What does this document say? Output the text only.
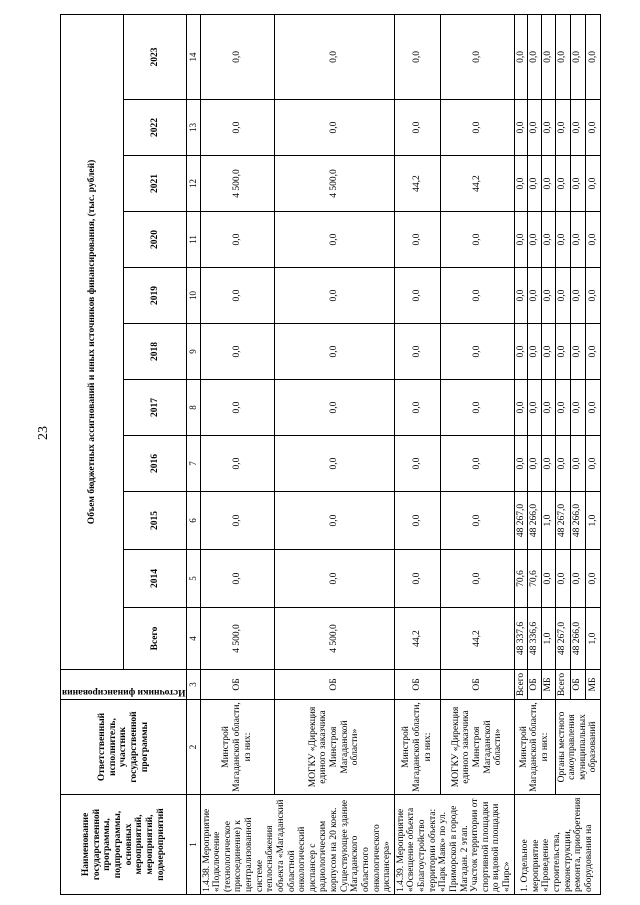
23
Наименование государственной программы, подпрограммы, основных мероприятий, мероприятий, подмероприятий	Ответственный исполнитель, участник государственной программы	Источники финансирования	Объем бюджетных ассигнований и иных источников финансирования, (тыс. рублей)										
			Всего	2014	2015	2016	2017	2018	2019	2020	2021	2022	2023
1	2	3	4	5	6	7	8	9	10	11	12	13	14
1.4.38. Мероприятие «Подключение (технологическое присоединение) к централизованной системе теплоснабжения объекта «Магаданский областной онкологический диспансер с радиологическим корпусом на 20 коек. Существующее здание Магаданского областного онкологического диспансера»	Минстрой Магаданской области, из них:	ОБ	4 500,0	0,0	0,0	0,0	0,0	0,0	0,0	0,0	4 500,0	0,0	0,0
	МОГКУ «Дирекция единого заказчика Минстроя Магаданской области»	ОБ	4 500,0	0,0	0,0	0,0	0,0	0,0	0,0	0,0	4 500,0	0,0	0,0
1.4.39. Мероприятие «Освещение объекта «Благоустройство территории объекта: «Парк Маяк» по ул. Приморской в городе Магадан. 2 этап. Участок территории от спортивной площадки до видовой площадки «Пирс»	Минстрой Магаданской области, из них:	ОБ	44,2	0,0	0,0	0,0	0,0	0,0	0,0	0,0	44,2	0,0	0,0
	МОГКУ «Дирекция единого заказчика Минстроя Магаданской области»	ОБ	44,2	0,0	0,0	0,0	0,0	0,0	0,0	0,0	44,2	0,0	0,0
1. Отдельное мероприятие «Проведение строительства, реконструкции, ремонта, приобретения оборудования на	Минстрой Магаданской области, из них:	Всего	48 337,6	70,6	48 267,0	0,0	0,0	0,0	0,0	0,0	0,0	0,0	0,0
		ОБ	48 336,6	70,6	48 266,0	0,0	0,0	0,0	0,0	0,0	0,0	0,0	0,0
		МБ	1,0	0,0	1,0	0,0	0,0	0,0	0,0	0,0	0,0	0,0	0,0
	Органы местного самоуправления муниципальных образований	Всего	48 267,0	0,0	48 267,0	0,0	0,0	0,0	0,0	0,0	0,0	0,0	0,0
		ОБ	48 266,0	0,0	48 266,0	0,0	0,0	0,0	0,0	0,0	0,0	0,0	0,0
		МБ	1,0	0,0	1,0	0,0	0,0	0,0	0,0	0,0	0,0	0,0	0,0
